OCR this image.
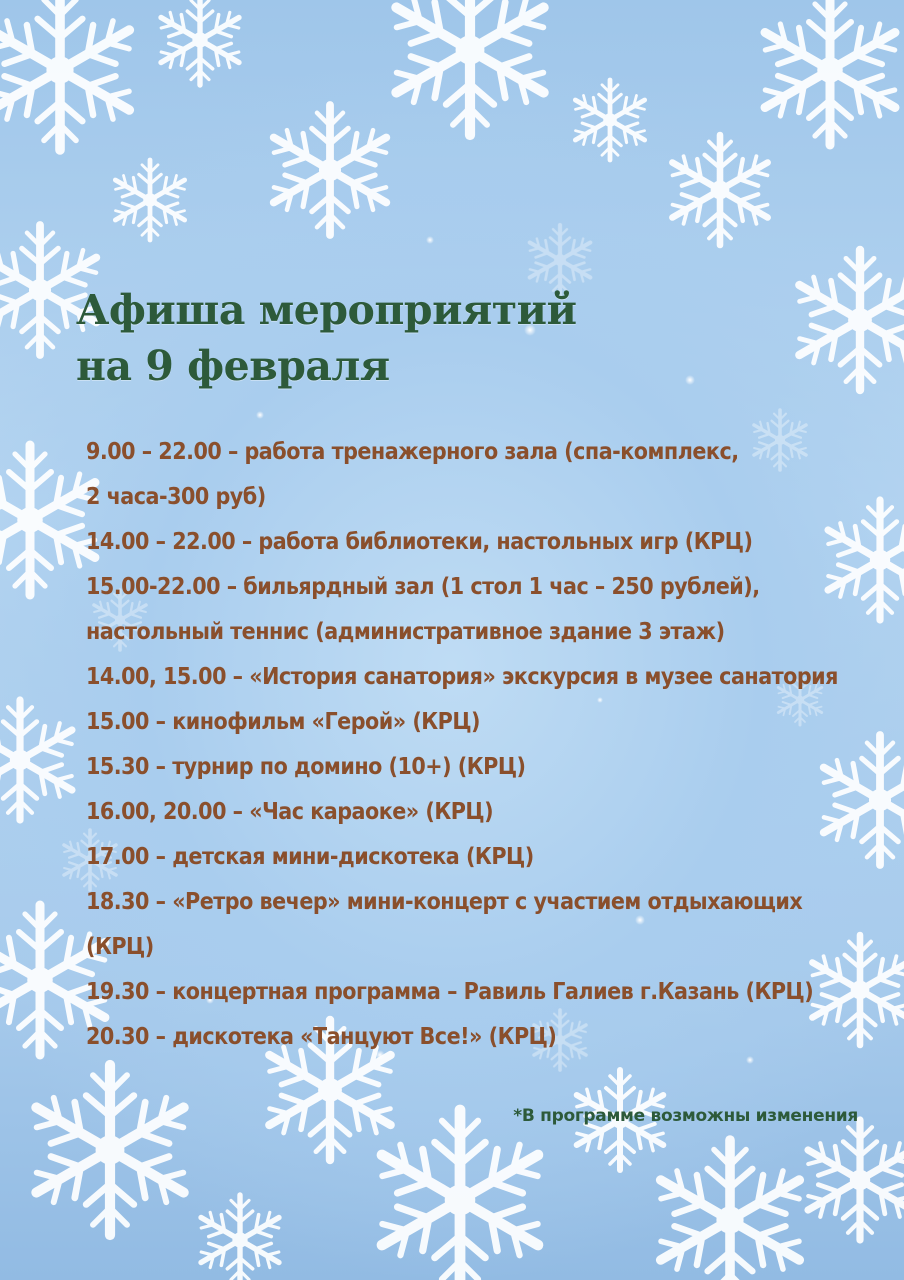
Афиша мероприятий
на 9 февраля
9.00 – 22.00 – работа тренажерного зала (спа-комплекс,
2 часа-300 руб)
14.00 – 22.00 – работа библиотеки, настольных игр (КРЦ)
15.00-22.00 – бильярдный зал (1 стол 1 час – 250 рублей),
настольный теннис (административное здание 3 этаж)
14.00, 15.00 – «История санатория» экскурсия в музее санатория
15.00 – кинофильм «Герой» (КРЦ)
15.30 – турнир по домино (10+) (КРЦ)
16.00, 20.00 – «Час караоке» (КРЦ)
17.00 – детская мини-дискотека (КРЦ)
18.30 – «Ретро вечер» мини-концерт с участием отдыхающих
(КРЦ)
19.30 – концертная программа – Равиль Галиев г.Казань (КРЦ)
20.30 – дискотека «Танцуют Все!» (КРЦ)

*В программе возможны изменения
